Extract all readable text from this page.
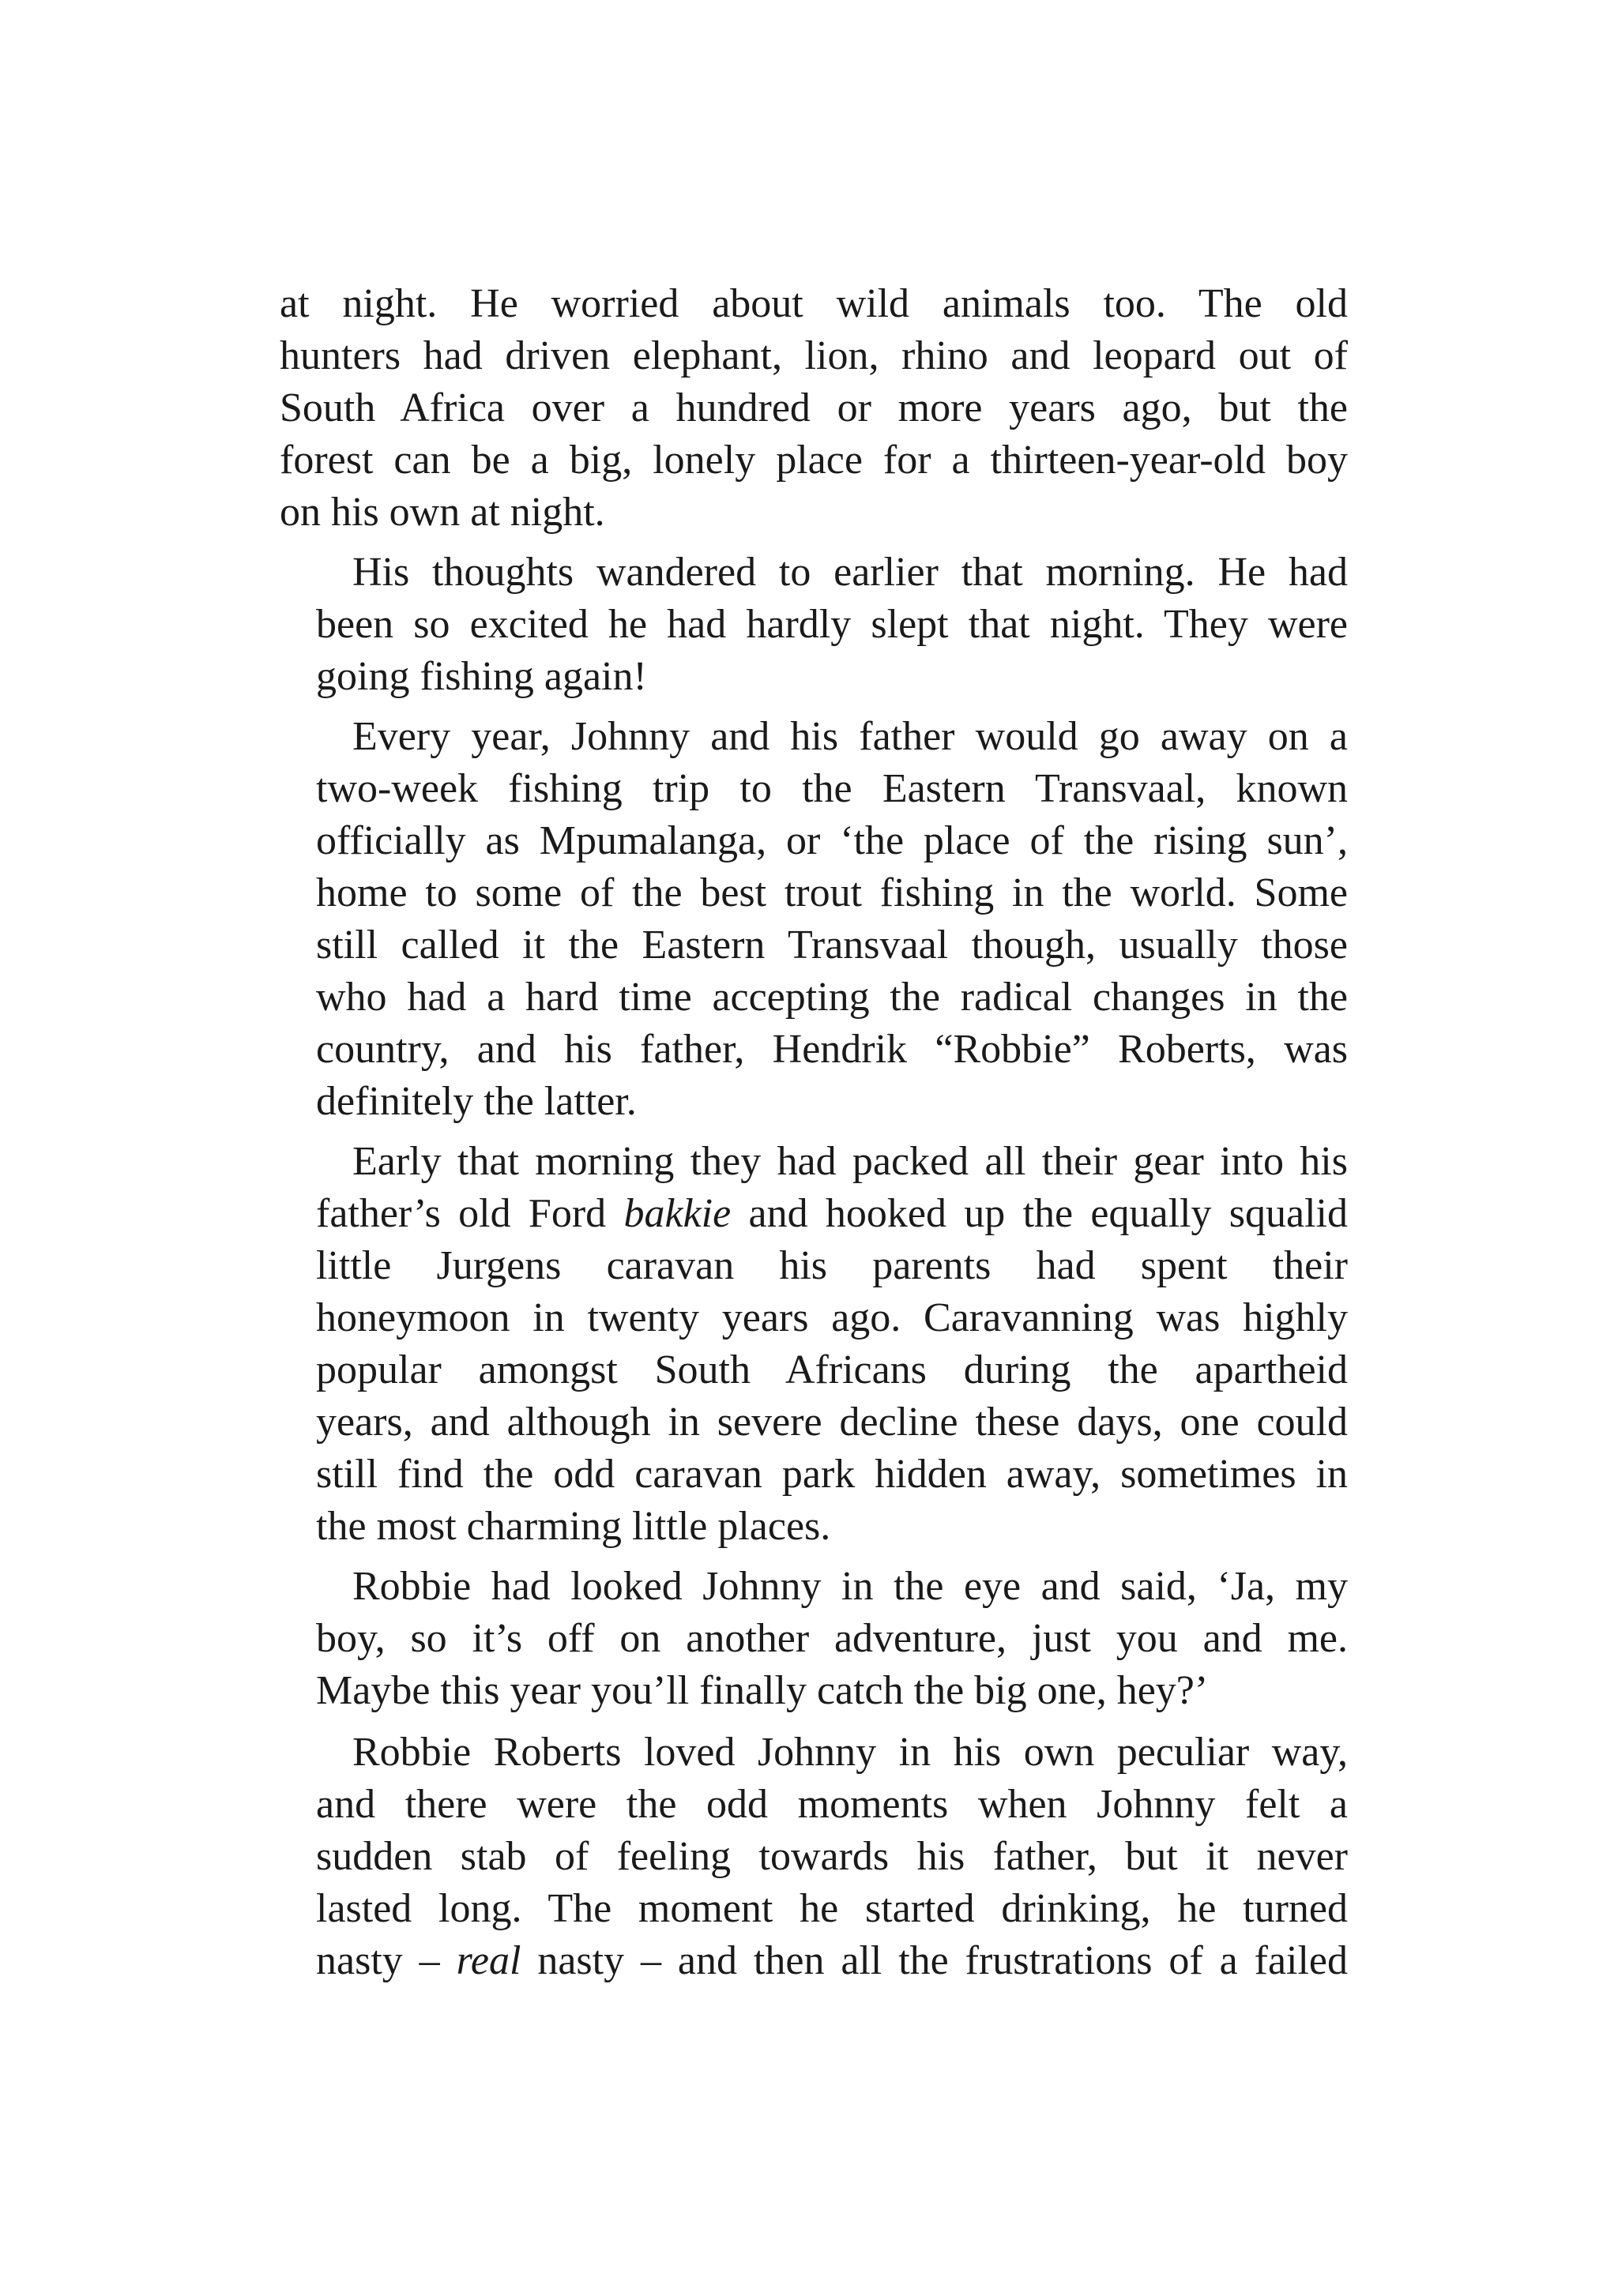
at night. He worried about wild animals too. The old
hunters had driven elephant, lion, rhino and leopard out of
South Africa over a hundred or more years ago, but the
forest can be a big, lonely place for a thirteen-year-old boy
on his own at night.
His thoughts wandered to earlier that morning. He had
been so excited he had hardly slept that night. They were
going fishing again!
Every year, Johnny and his father would go away on a
two-week fishing trip to the Eastern Transvaal, known
officially as Mpumalanga, or ‘the place of the rising sun’,
home to some of the best trout fishing in the world. Some
still called it the Eastern Transvaal though, usually those
who had a hard time accepting the radical changes in the
country, and his father, Hendrik “Robbie” Roberts, was
definitely the latter.
Early that morning they had packed all their gear into his
father’s old Ford bakkie and hooked up the equally squalid
little Jurgens caravan his parents had spent their
honeymoon in twenty years ago. Caravanning was highly
popular amongst South Africans during the apartheid
years, and although in severe decline these days, one could
still find the odd caravan park hidden away, sometimes in
the most charming little places.
Robbie had looked Johnny in the eye and said, ‘Ja, my
boy, so it’s off on another adventure, just you and me.
Maybe this year you’ll finally catch the big one, hey?’
Robbie Roberts loved Johnny in his own peculiar way,
and there were the odd moments when Johnny felt a
sudden stab of feeling towards his father, but it never
lasted long. The moment he started drinking, he turned
nasty – real nasty – and then all the frustrations of a failed
